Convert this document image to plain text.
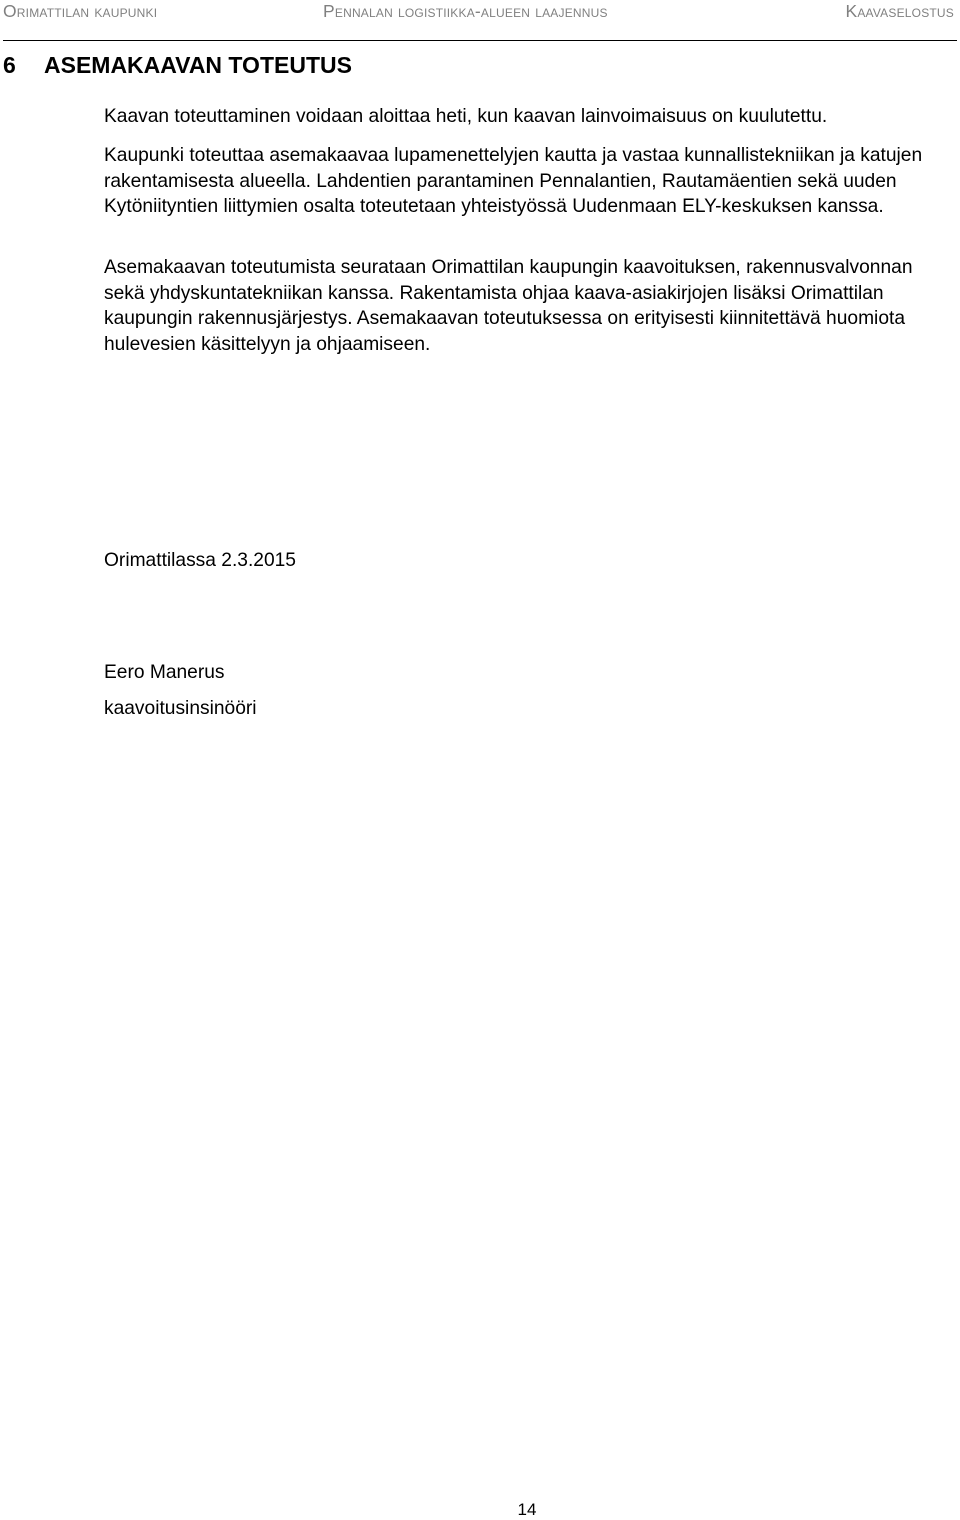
Orimattilan kaupunki	Pennalan logistiikka-alueen laajennus	Kaavaselostus
6 ASEMAKAAVAN TOTEUTUS

Kaavan toteuttaminen voidaan aloittaa heti, kun kaavan lainvoimaisuus on kuulutettu.

Kaupunki toteuttaa asemakaavaa lupamenettelyjen kautta ja vastaa kunnallistekniikan ja katujen rakentamisesta alueella. Lahdentien parantaminen Pennalantien, Rautamäentien sekä uuden Kytöniityntien liittymien osalta toteutetaan yhteistyössä Uudenmaan ELY-keskuksen kanssa.

Asemakaavan toteutumista seurataan Orimattilan kaupungin kaavoituksen, rakennusvalvonnan sekä yhdyskuntatekniikan kanssa. Rakentamista ohjaa kaava-asiakirjojen lisäksi Orimattilan kaupungin rakennusjärjestys. Asemakaavan toteutuksessa on erityisesti kiinnitettävä huomiota hulevesien käsittelyyn ja ohjaamiseen.

Orimattilassa 2.3.2015
Eero Manerus
kaavoitusinsinööri
14
